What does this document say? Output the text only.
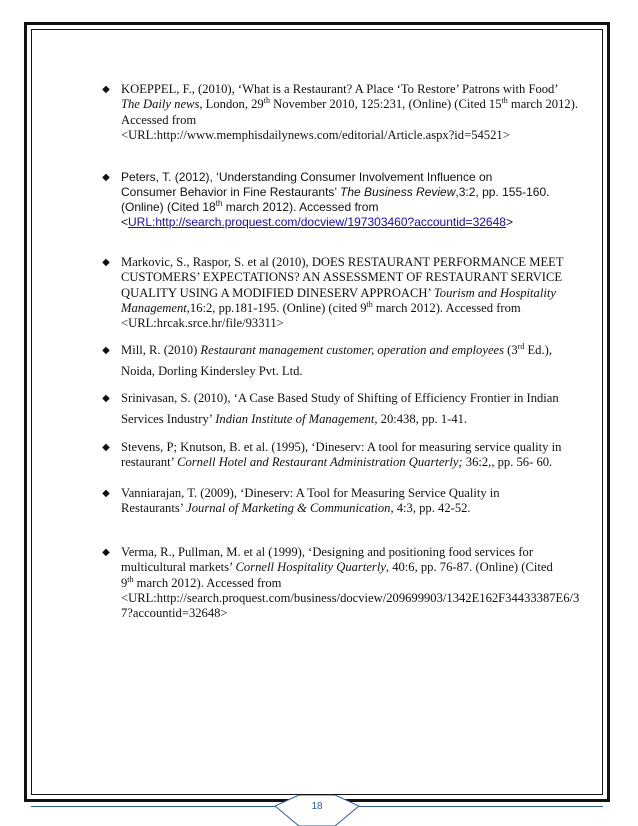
◆ KOEPPEL, F., (2010), ‘What is a Restaurant? A Place ‘To Restore’ Patrons with Food’
The Daily news, London, 29th November 2010, 125:231, (Online) (Cited 15th march 2012). Accessed from
<URL:http://www.memphisdailynews.com/editorial/Article.aspx?id=54521>
◆ Peters, T. (2012), ‘Understanding Consumer Involvement Influence on
Consumer Behavior in Fine Restaurants’ The Business Review,3:2, pp. 155-160.
(Online) (Cited 18th march 2012). Accessed from
<URL:http://search.proquest.com/docview/197303460?accountid=32648>
◆ Markovic, S., Raspor, S. et al (2010), DOES RESTAURANT PERFORMANCE MEET CUSTOMERS’ EXPECTATIONS? AN ASSESSMENT OF RESTAURANT SERVICE QUALITY USING A MODIFIED DINESERV APPROACH’ Tourism and Hospitality Management,16:2, pp.181-195. (Online) (cited 9th march 2012). Accessed from <URL:hrcak.srce.hr/file/93311>
◆ Mill, R. (2010) Restaurant management customer, operation and employees (3rd Ed.),
Noida, Dorling Kindersley Pvt. Ltd.
◆ Srinivasan, S. (2010), ‘A Case Based Study of Shifting of Efficiency Frontier in Indian
Services Industry’ Indian Institute of Management, 20:438, pp. 1-41.
◆ Stevens, P; Knutson, B. et al. (1995), ‘Dineserv: A tool for measuring service quality in
restaurant’ Cornell Hotel and Restaurant Administration Quarterly; 36:2,, pp. 56- 60.
◆ Vanniarajan, T. (2009), ‘Dineserv: A Tool for Measuring Service Quality in
Restaurants’ Journal of Marketing & Communication, 4:3, pp. 42-52.
◆ Verma, R., Pullman, M. et al (1999), ‘Designing and positioning food services for
multicultural markets’ Cornell Hospitality Quarterly, 40:6, pp. 76-87. (Online) (Cited
9th march 2012). Accessed from
<URL:http://search.proquest.com/business/docview/209699903/1342E162F34433387E6/37?accountid=32648>
18
